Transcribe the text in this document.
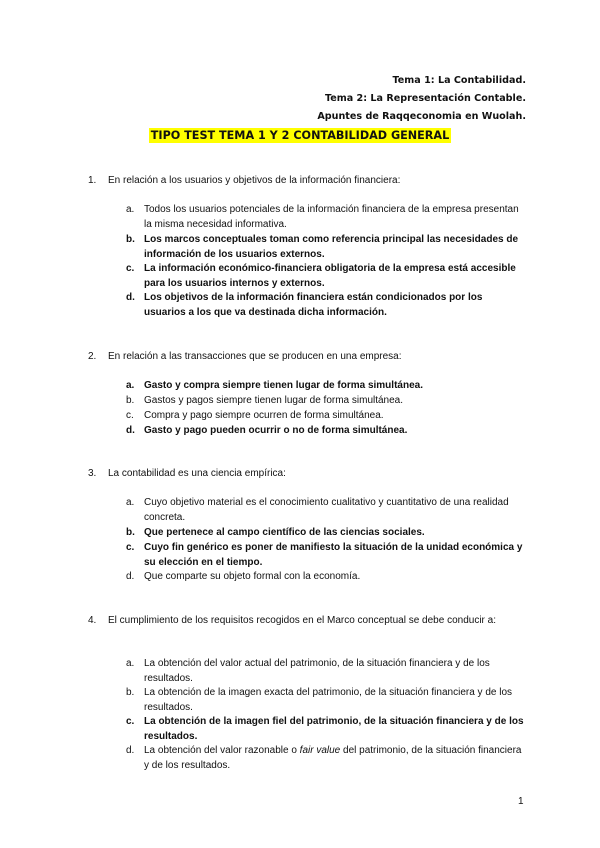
Tema 1: La Contabilidad.
Tema 2: La Representación Contable.
Apuntes de Raqqeconomia en Wuolah.
TIPO TEST TEMA 1 Y 2 CONTABILIDAD GENERAL
1. En relación a los usuarios y objetivos de la información financiera:
a. Todos los usuarios potenciales de la información financiera de la empresa presentan la misma necesidad informativa.
b. Los marcos conceptuales toman como referencia principal las necesidades de información de los usuarios externos.
c. La información económico-financiera obligatoria de la empresa está accesible para los usuarios internos y externos.
d. Los objetivos de la información financiera están condicionados por los usuarios a los que va destinada dicha información.
2. En relación a las transacciones que se producen en una empresa:
a. Gasto y compra siempre tienen lugar de forma simultánea.
b. Gastos y pagos siempre tienen lugar de forma simultánea.
c. Compra y pago siempre ocurren de forma simultánea.
d. Gasto y pago pueden ocurrir o no de forma simultánea.
3. La contabilidad es una ciencia empírica:
a. Cuyo objetivo material es el conocimiento cualitativo y cuantitativo de una realidad concreta.
b. Que pertenece al campo científico de las ciencias sociales.
c. Cuyo fin genérico es poner de manifiesto la situación de la unidad económica y su elección en el tiempo.
d. Que comparte su objeto formal con la economía.
4. El cumplimiento de los requisitos recogidos en el Marco conceptual se debe conducir a:
a. La obtención del valor actual del patrimonio, de la situación financiera y de los resultados.
b. La obtención de la imagen exacta del patrimonio, de la situación financiera y de los resultados.
c. La obtención de la imagen fiel del patrimonio, de la situación financiera y de los resultados.
d. La obtención del valor razonable o fair value del patrimonio, de la situación financiera y de los resultados.
1
